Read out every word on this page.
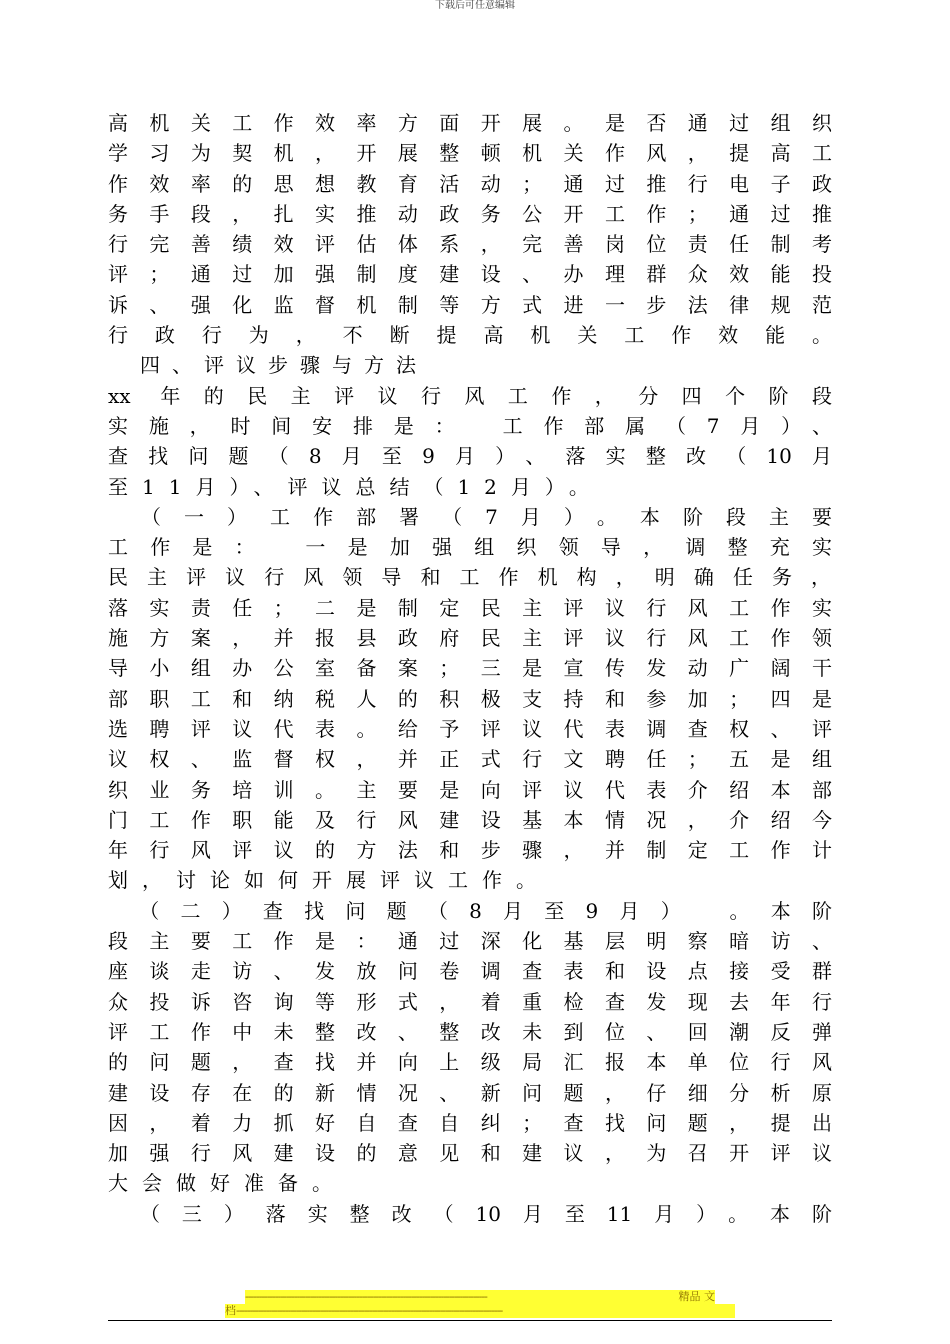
下载后可任意编辑
高机关工作效率方面开展。是否通过组织
学习为契机，开展整顿机关作风，提高工
作效率的思想教育活动；通过推行电子政
务手段，扎实推动政务公开工作；通过推
行完善绩效评估体系，完善岗位责任制考
评；通过加强制度建设、办理群众效能投
诉、强化监督机制等方式进一步法律规范
行政行为，不断提高机关工作效能。
　四、评议步骤与方法
xx 年的民主评议行风工作，分四个阶段
实施，时间安排是： 工作部属（7月）、
查找问题（8月至9月）、落实整改（10月
至11月）、评议总结（12月）。
　（一）工作部署（7月）。本阶段主要
工作是： 一是加强组织领导，调整充实
民主评议行风领导和工作机构，明确任务，
落实责任；二是制定民主评议行风工作实
施方案，并报县政府民主评议行风工作领
导小组办公室备案；三是宣传发动广阔干
部职工和纳税人的积极支持和参加；四是
选聘评议代表。给予评议代表调查权、评
议权、监督权，并正式行文聘任；五是组
织业务培训。主要是向评议代表介绍本部
门工作职能及行风建设基本情况，介绍今
年行风评议的方法和步骤，并制定工作计
划，讨论如何开展评议工作。
　（二）查找问题（8月至9月） 。本阶
段主要工作是：通过深化基层明察暗访、
座谈走访、发放问卷调查表和设点接受群
众投诉咨询等形式，着重检查发现去年行
评工作中未整改、整改未到位、回潮反弹
的问题，查找并向上级局汇报本单位行风
建设存在的新情况、新问题，仔细分析原
因，着力抓好自查自纠；查找问题，提出
加强行风建设的意见和建议，为召开评议
大会做好准备。
　（三）落实整改（10月至11月）。本阶
-----------------------------------------------------------------------------------------	精品 文
档--------------------------------------------------------------------------------------------------
